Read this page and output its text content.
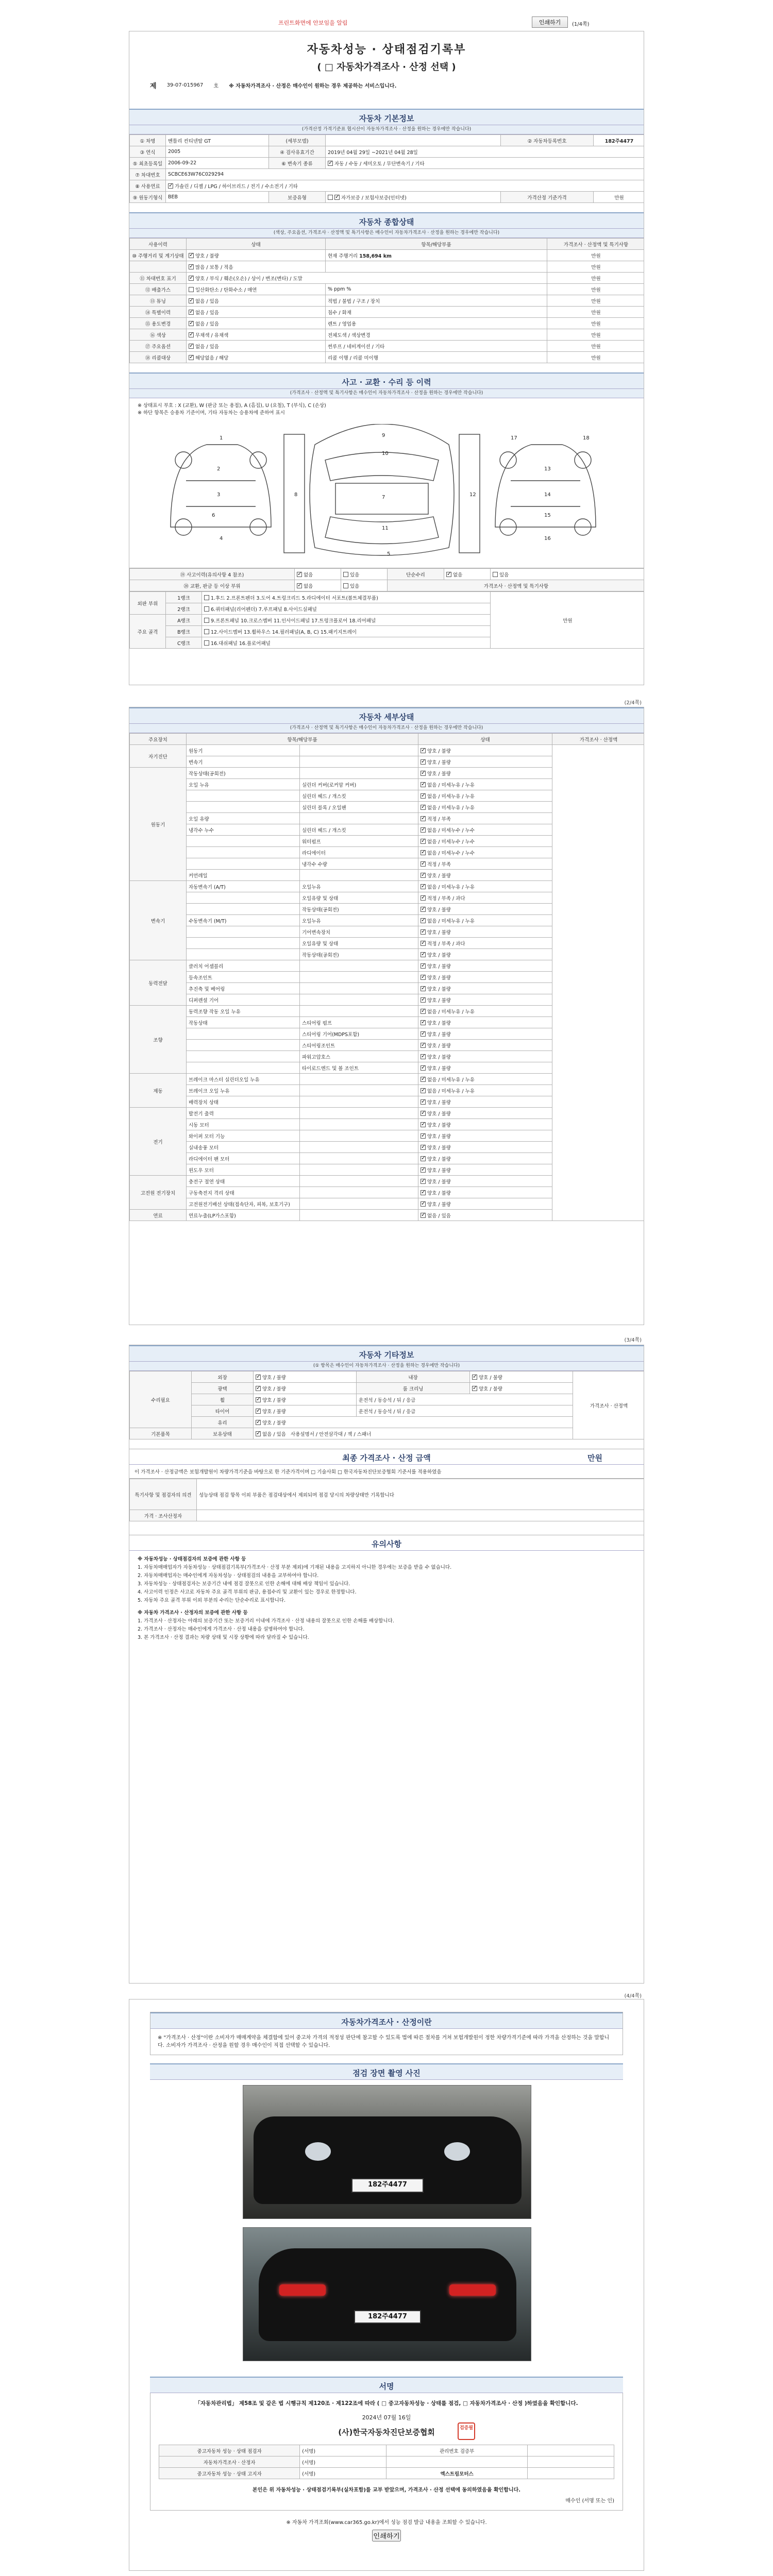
프린트화면에 안보임을 알림	인쇄하기	(1/4쪽)
자동차성능 · 상태점검기록부
( □ 자동차가격조사 · 산정 선택 )
제 39-07-015967 호 ※ 자동차가격조사 · 산정은 매수인이 원하는 경우 제공하는 서비스입니다.
자동차 기본정보
(가격산정 가격기준표 협시산이 자동차가격조사 · 산정을 원하는 경우에만 작습니다)
① 차명	벤틀리 컨티넨탈 GT	(세부모델)		② 자동차등록번호	182주4477
③ 연식	2005	④ 검사유효기간	2019년 04월 29일 ~2021년 04월 28일		
⑤ 최초등록일	2006-09-22	⑥ 변속기 종류	✓자동 / 수동 / 세미오토 / 무단변속기 / 기타
⑦ 차대번호	SCBCE63W76C029294				
⑧ 사용연료	✓가솔린 / 디젤 / LPG / 하이브리드 / 전기 / 수소전기 / 기타
⑨ 원동기형식	BEB	보증유형	✓자가보증 / 보험사보증(인터넷)	가격산정 기준가격	만원
자동차 종합상태
(색상, 주요옵션, 가격조사 · 산정액 및 특기사항은 매수인이 자동차가격조사 · 산정을 원하는 경우에만 작습니다)
사용이력	상태	항목/해당부품	가격조사 · 산정액 및 특기사항
⑩ 주행거리 및 계기상태	✓양호 / 불량	현재 주행거리 158,694 km	만원
	✓많음 / 보통 / 적음		만원
⑪ 차대번호 표기	✓양호 / 부식 / 훼손(오손) / 상이 / 변조(변타) / 도말		만원
⑫ 배출가스	일산화탄소 / 탄화수소 / 매연	% ppm %	만원
⑬ 튜닝	✓없음 / 있음	적법 / 불법 / 구조 / 장치	만원
⑭ 특별이력	✓없음 / 있음	침수 / 화재	만원
⑮ 용도변경	✓없음 / 있음	렌트 / 영업용	만원
⑯ 색상	✓무채색 / 유채색	전체도색 / 색상변경	만원
⑰ 주요옵션	✓없음 / 있음	썬루프 / 네비게이션 / 기타	만원
⑱ 리콜대상	✓해당없음 / 해당	리콜 이행 / 리콜 미이행	만원
사고 · 교환 · 수리 등 이력
(가격조사 · 산정액 및 특기사항은 매수인이 자동차가격조사 · 산정을 원하는 경우에만 작습니다)
※ 상태표시 부호 : X (교환), W (판금 또는 용접), A (흠집), U (요철), T (부식), C (손상)
※ 하단 항목은 승용차 기준이며, 기타 자동차는 승용차에 준하여 표시
1
2
3
4
5
6
7
8
9
10
11
12
13
14
15
16
17	18
⑲ 사고이력(유의사항 4 참조)	✓없음	있음	단순수리	✓없음	있음
⑳ 교환, 판금 등 이상 부위	✓없음	있음	가격조사 · 산정액 및 특기사항		
외판 부위	1랭크	1.후드 2.프론트펜더 3.도어 4.트렁크리드 5.라디에이터 서포트(볼트체결부품)	만원
	2랭크	6.쿼터패널(리어펜더) 7.루프패널 8.사이드실패널	
주요 골격	A랭크	9.프론트패널 10.크로스멤버 11.인사이드패널 17.트렁크플로어 18.리어패널	
	B랭크	12.사이드멤버 13.휠하우스 14.필러패널(A, B, C) 15.패키지트레이	
	C랭크	16.대쉬패널 16.플로어패널	
(2/4쪽)
자동차 세부상태
(가격조사 · 산정액 및 특기사항은 매수인이 자동차가격조사 · 산정을 원하는 경우에만 작습니다)
주요장치	항목/해당부품		상태	가격조사 · 산정액
자기진단	원동기		✓양호 / 불량	
	변속기		✓양호 / 불량
원동기	작동상태(공회전)		✓양호 / 불량
	오일 누유	실린더 커버(로커암 커버)	✓없음 / 미세누유 / 누유
		실린더 헤드 / 개스킷	✓없음 / 미세누유 / 누유
		실린더 블록 / 오일팬	✓없음 / 미세누유 / 누유
	오일 유량		✓적정 / 부족
	냉각수 누수	실린더 헤드 / 개스킷	✓없음 / 미세누수 / 누수
		워터펌프	✓없음 / 미세누수 / 누수
		라디에이터	✓없음 / 미세누수 / 누수
		냉각수 수량	✓적정 / 부족
	커먼레일		✓양호 / 불량
변속기	자동변속기 (A/T)	오일누유	✓없음 / 미세누유 / 누유
		오일유량 및 상태	✓적정 / 부족 / 과다
		작동상태(공회전)	✓양호 / 불량
	수동변속기 (M/T)	오일누유	✓없음 / 미세누유 / 누유
		기어변속장치	✓양호 / 불량
		오일유량 및 상태	✓적정 / 부족 / 과다
		작동상태(공회전)	✓양호 / 불량
동력전달	클러치 어셈블리		✓양호 / 불량
	등속조인트		✓양호 / 불량
	추진축 및 베어링		✓양호 / 불량
	디퍼렌셜 기어		✓양호 / 불량
조향	동력조향 작동 오일 누유		✓없음 / 미세누유 / 누유
	작동상태	스티어링 펌프	✓양호 / 불량
		스티어링 기어(MDPS포함)	✓양호 / 불량
		스티어링조인트	✓양호 / 불량
		파워고압호스	✓양호 / 불량
		타이로드엔드 및 볼 조인트	✓양호 / 불량
제동	브레이크 마스터 실린더오일 누유		✓없음 / 미세누유 / 누유
	브레이크 오일 누유		✓없음 / 미세누유 / 누유
	배력장치 상태		✓양호 / 불량
전기	발전기 출력		✓양호 / 불량
	시동 모터		✓양호 / 불량
	와이퍼 모터 기능		✓양호 / 불량
	실내송풍 모터		✓양호 / 불량
	라디에이터 팬 모터		✓양호 / 불량
	윈도우 모터		✓양호 / 불량
고전원 전기장치	충전구 절연 상태		✓양호 / 불량
	구동축전지 격리 상태		✓양호 / 불량
	고전원전기배선 상태(접속단자, 피복, 보호기구)		✓양호 / 불량
연료	연료누출(LP가스포함)		✓없음 / 있음
(3/4쪽)
자동차 기타정보
(① 항목은 매수인이 자동차가격조사 · 산정을 원하는 경우에만 작습니다)
수리필요	외장	✓양호 / 불량	내장	✓양호 / 불량	가격조사 · 산정액
	광택	✓양호 / 불량	룸 크리닝	✓양호 / 불량
	휠	✓양호 / 불량	운전석 / 동승석 / 뒤 / 응급		
	타이어	✓양호 / 불량	운전석 / 동승석 / 뒤 / 응급		
	유리	✓양호 / 불량
기본품목	보유상태	✓없음 / 있음 사용설명서 / 안전삼각대 / 잭 / 스패너
최종 가격조사 · 산정 금액	만원
이 가격조사 · 산정금액은 보험개발원이 차량가격기준을 바탕으로 한 기준가격이며 □ 기술사회 □ 한국자동차진단보증협회 기준서를 적용하였음
특기사항 및 점검자의 의견	성능상태 점검 항목 이외 부품은 점검대상에서 제외되며 점검 당시의 차량상태만 기록합니다
가격 · 조사산정자	
유의사항

※ 자동차성능 · 상태점검자의 보증에 관한 사항 등

1. 자동차매매업자가 자동차성능 · 상태점검기록부(가격조사 · 산정 부분 제외)에 기재된 내용을 고지하지 아니한 경우에는 보증을 받을 수 없습니다.

2. 자동차매매업자는 매수인에게 자동차성능 · 상태점검의 내용을 교부하여야 합니다.

3. 자동차성능 · 상태점검자는 보증기간 내에 점검 잘못으로 인한 손해에 대해 배상 책임이 있습니다.

4. 사고이력 인정은 사고로 자동차 주요 골격 부위의 판금, 용접수리 및 교환이 있는 경우로 한정합니다.

5. 자동차 주요 골격 부위 이외 부분의 수리는 단순수리로 표시합니다.

※ 자동차 가격조사 · 산정자의 보증에 관한 사항 등

1. 가격조사 · 산정자는 아래의 보증기간 또는 보증거리 이내에 가격조사 · 산정 내용의 잘못으로 인한 손해를 배상합니다.

2. 가격조사 · 산정자는 매수인에게 가격조사 · 산정 내용을 설명하여야 합니다.

3. 본 가격조사 · 산정 결과는 차량 상태 및 시장 상황에 따라 달라질 수 있습니다.

(4/4쪽)
자동차가격조사 · 산정이란
※ "가격조사 · 산정"이란 소비자가 매매계약을 체결함에 있어 중고차 가격의 적정성 판단에 참고할 수 있도록 법에 따른 절차를 거쳐 보험개발원이 정한 차량가격기준에 따라 가격을 산정하는 것을 말합니다. 소비자가 가격조사 · 산정을 원할 경우 매수인이 직접 선택할 수 있습니다.
점검 장면 촬영 사진
182주4477
182주4477
서명
「자동차관리법」 제58조 및 같은 법 시행규칙 제120조 · 제122조에 따라 ( □ 중고자동차성능 · 상태를 점검, □ 자동차가격조사 · 산정 )하였음을 확인합니다.
2024년 07월 16일
(사)한국자동차진단보증협회	검증필
중고자동차 성능 · 상태 점검자	(서명)	관리번호 검증부	
자동차가격조사 · 산정자	(서명)		
중고자동차 성능 · 상태 고지자	(서명)	엑스트림모터스	
본인은 위 자동차성능 · 상태점검기록부(실차포함)를 교부 받았으며, 가격조사 · 산정 선택에 동의하였음을 확인합니다.
매수인 (서명 또는 인)
※ 자동차 가격조회(www.car365.go.kr)에서 성능 점검 발급 내용을 조회할 수 있습니다.
인쇄하기
